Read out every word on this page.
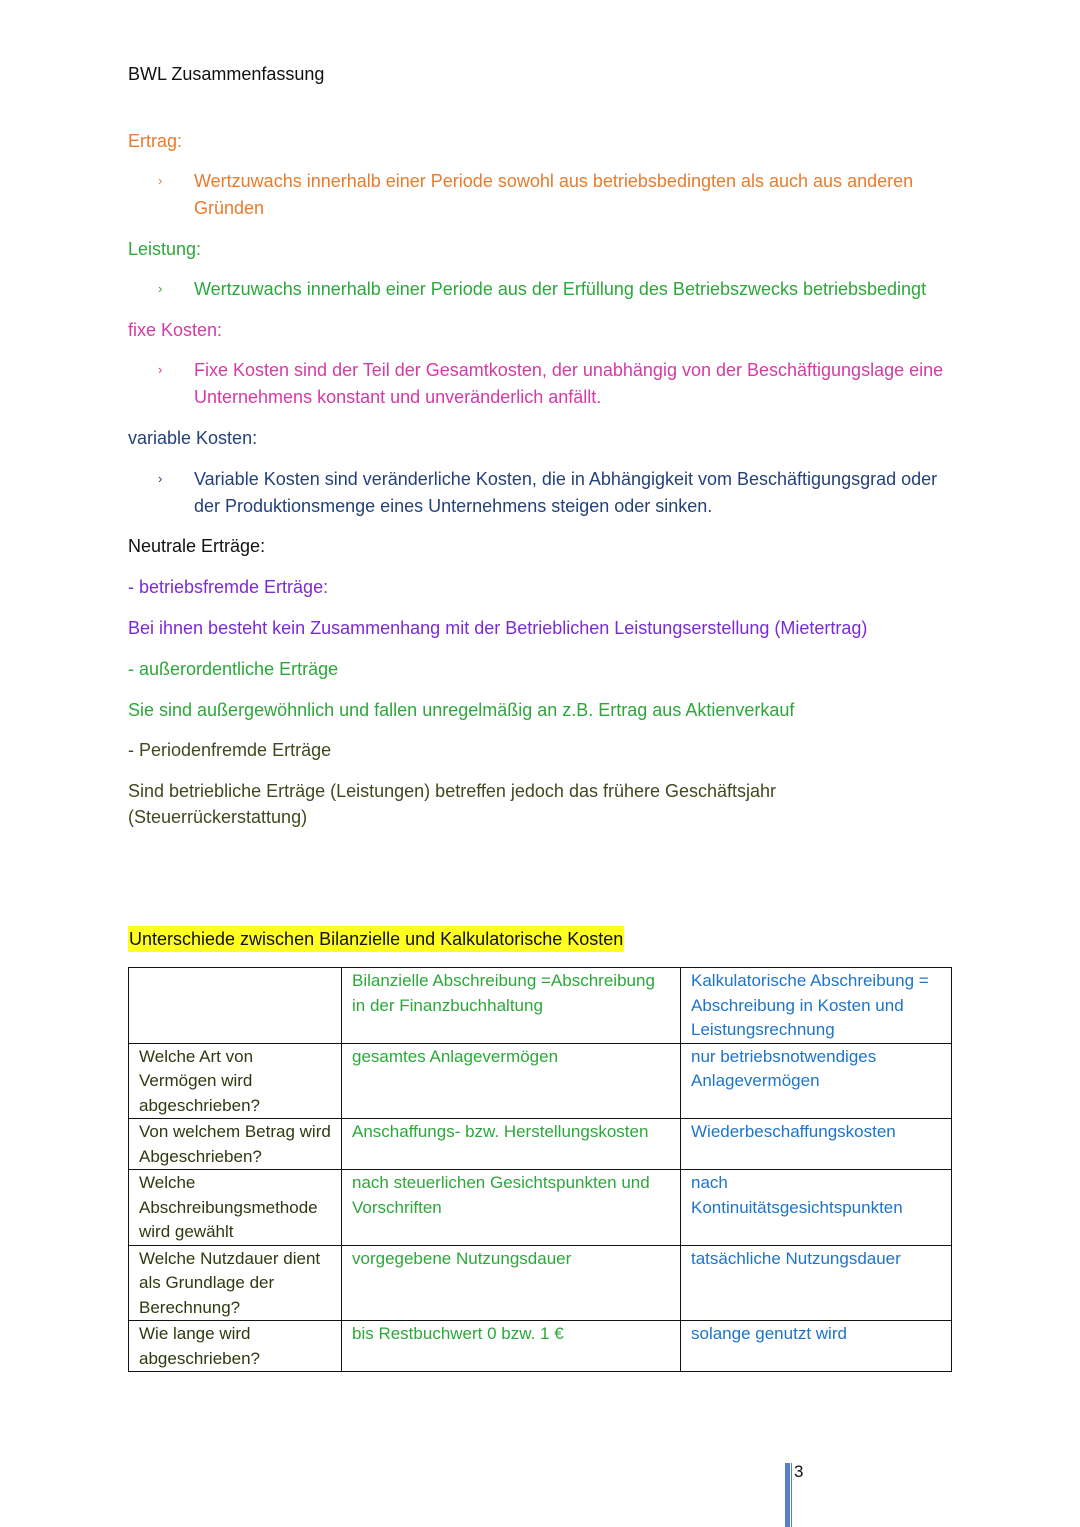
BWL Zusammenfassung
Ertrag:
› Wertzuwachs innerhalb einer Periode sowohl aus betriebsbedingten als auch aus anderen Gründen
Leistung:
› Wertzuwachs innerhalb einer Periode aus der Erfüllung des Betriebszwecks betriebsbedingt
fixe Kosten:
› Fixe Kosten sind der Teil der Gesamtkosten, der unabhängig von der Beschäftigungslage eine Unternehmens konstant und unveränderlich anfällt.
variable Kosten:
› Variable Kosten sind veränderliche Kosten, die in Abhängigkeit vom Beschäftigungsgrad oder der Produktionsmenge eines Unternehmens steigen oder sinken.
Neutrale Erträge:
- betriebsfremde Erträge:
Bei ihnen besteht kein Zusammenhang mit der Betrieblichen Leistungserstellung (Mietertrag)
- außerordentliche Erträge
Sie sind außergewöhnlich und fallen unregelmäßig an z.B. Ertrag aus Aktienverkauf
- Periodenfremde Erträge
Sind betriebliche Erträge (Leistungen) betreffen jedoch das frühere Geschäftsjahr (Steuerrückerstattung)
Unterschiede zwischen Bilanzielle und Kalkulatorische Kosten
	Bilanzielle Abschreibung =Abschreibung in der Finanzbuchhaltung	Kalkulatorische Abschreibung = Abschreibung in Kosten und Leistungsrechnung
Welche Art von Vermögen wird abgeschrieben?	gesamtes Anlagevermögen	nur betriebsnotwendiges Anlagevermögen
Von welchem Betrag wird Abgeschrieben?	Anschaffungs- bzw. Herstellungskosten	Wiederbeschaffungskosten
Welche Abschreibungsmethode wird gewählt	nach steuerlichen Gesichtspunkten und Vorschriften	nach Kontinuitätsgesichtspunkten
Welche Nutzdauer dient als Grundlage der Berechnung?	vorgegebene Nutzungsdauer	tatsächliche Nutzungsdauer
Wie lange wird abgeschrieben?	bis Restbuchwert 0 bzw. 1 €	solange genutzt wird
3
